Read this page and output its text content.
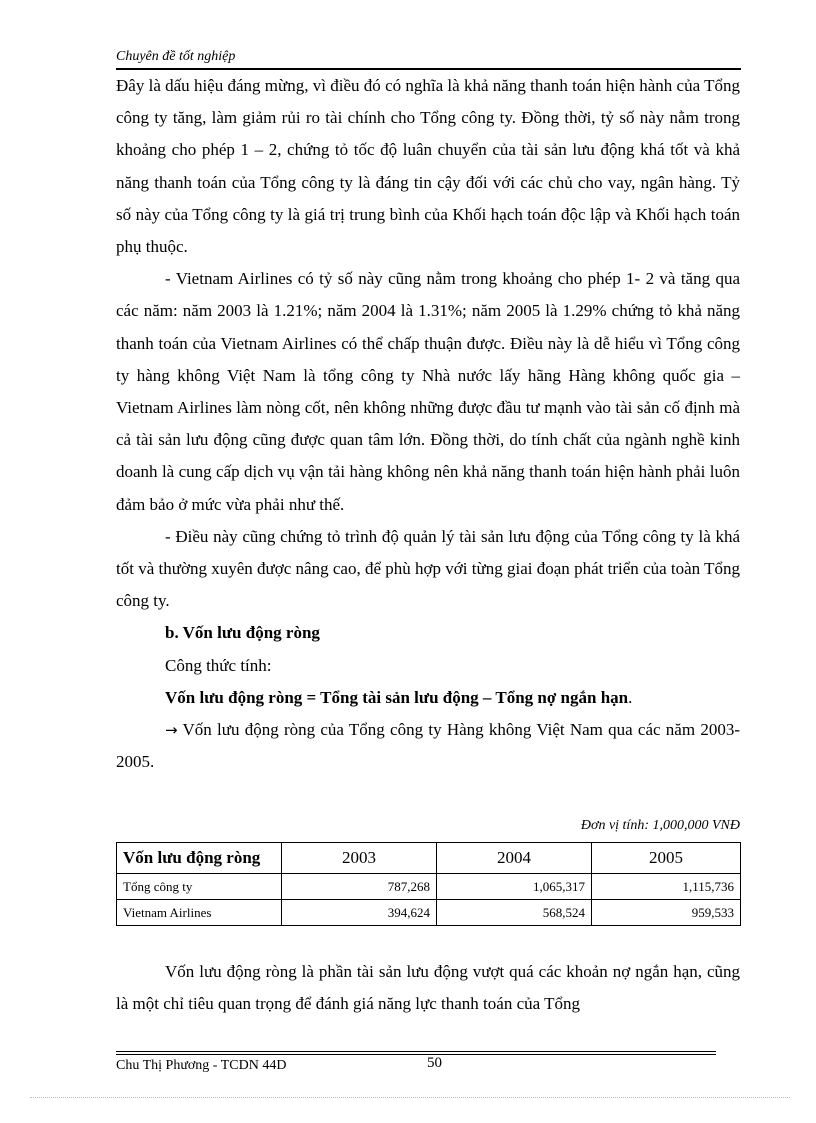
Chuyên đề tốt nghiệp

Đây là dấu hiệu đáng mừng, vì điều đó có nghĩa là khả năng thanh toán hiện hành của Tổng công ty tăng, làm giảm rủi ro tài chính cho Tổng công ty. Đồng thời, tỷ số này nằm trong khoảng cho phép 1 – 2, chứng tỏ tốc độ luân chuyển của tài sản lưu động khá tốt và khả năng thanh toán của Tổng công ty là đáng tin cậy đối với các chủ cho vay, ngân hàng. Tỷ số này của Tổng công ty là giá trị trung bình của Khối hạch toán độc lập và Khối hạch toán phụ thuộc.

- Vietnam Airlines có tỷ số này cũng nằm trong khoảng cho phép 1- 2 và tăng qua các năm: năm 2003 là 1.21%; năm 2004 là 1.31%; năm 2005 là 1.29% chứng tỏ khả năng thanh toán của Vietnam Airlines có thể chấp thuận được. Điều này là dễ hiểu vì Tổng công ty hàng không Việt Nam là tổng công ty Nhà nước lấy hãng Hàng không quốc gia – Vietnam Airlines làm nòng cốt, nên không những được đầu tư mạnh vào tài sản cố định mà cả tài sản lưu động cũng được quan tâm lớn. Đồng thời, do tính chất của ngành nghề kinh doanh là cung cấp dịch vụ vận tải hàng không nên khả năng thanh toán hiện hành phải luôn đảm bảo ở mức vừa phải như thế.

- Điều này cũng chứng tỏ trình độ quản lý tài sản lưu động của Tổng công ty là khá tốt và thường xuyên được nâng cao, để phù hợp với từng giai đoạn phát triển của toàn Tổng công ty.

b. Vốn lưu động ròng

Công thức tính:

Vốn lưu động ròng = Tổng tài sản lưu động – Tổng nợ ngắn hạn.

→ Vốn lưu động ròng của Tổng công ty Hàng không Việt Nam qua các năm 2003-2005.

Đơn vị tính: 1,000,000 VNĐ
Vốn lưu động ròng	2003	2004	2005
Tổng công ty	787,268	1,065,317	1,115,736
Vietnam Airlines	394,624	568,524	959,533

Vốn lưu động ròng là phần tài sản lưu động vượt quá các khoản nợ ngắn hạn, cũng là một chỉ tiêu quan trọng để đánh giá năng lực thanh toán của Tổng

Chu Thị Phương - TCDN 44D	50
